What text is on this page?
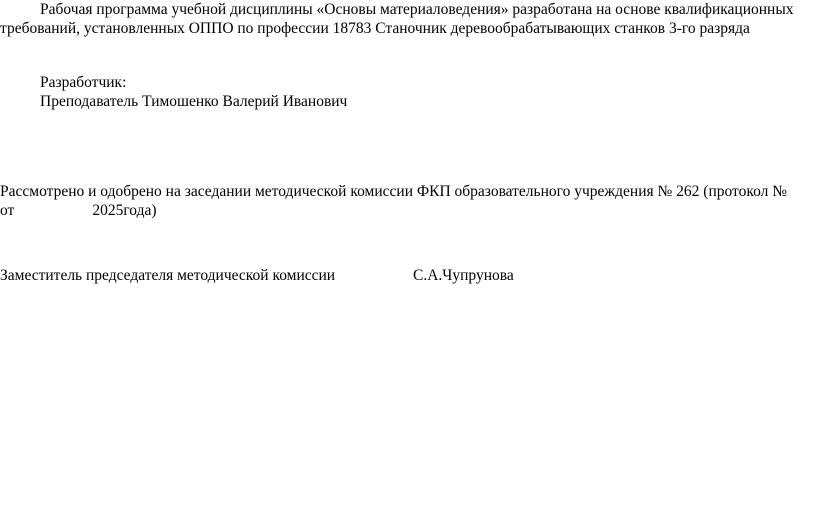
Рабочая программа учебной дисциплины «Основы материаловедения» разработана на основе квалификационных
требований, установленных ОППО по профессии 18783 Станочник деревообрабатывающих станков 3-го разряда
Разработчик:
Преподаватель Тимошенко Валерий Иванович
Рассмотрено и одобрено на заседании методической комиссии ФКП образовательного учреждения № 262 (протокол №
от	2025года)
Заместитель председателя методической комиссии	С.А.Чупрунова
